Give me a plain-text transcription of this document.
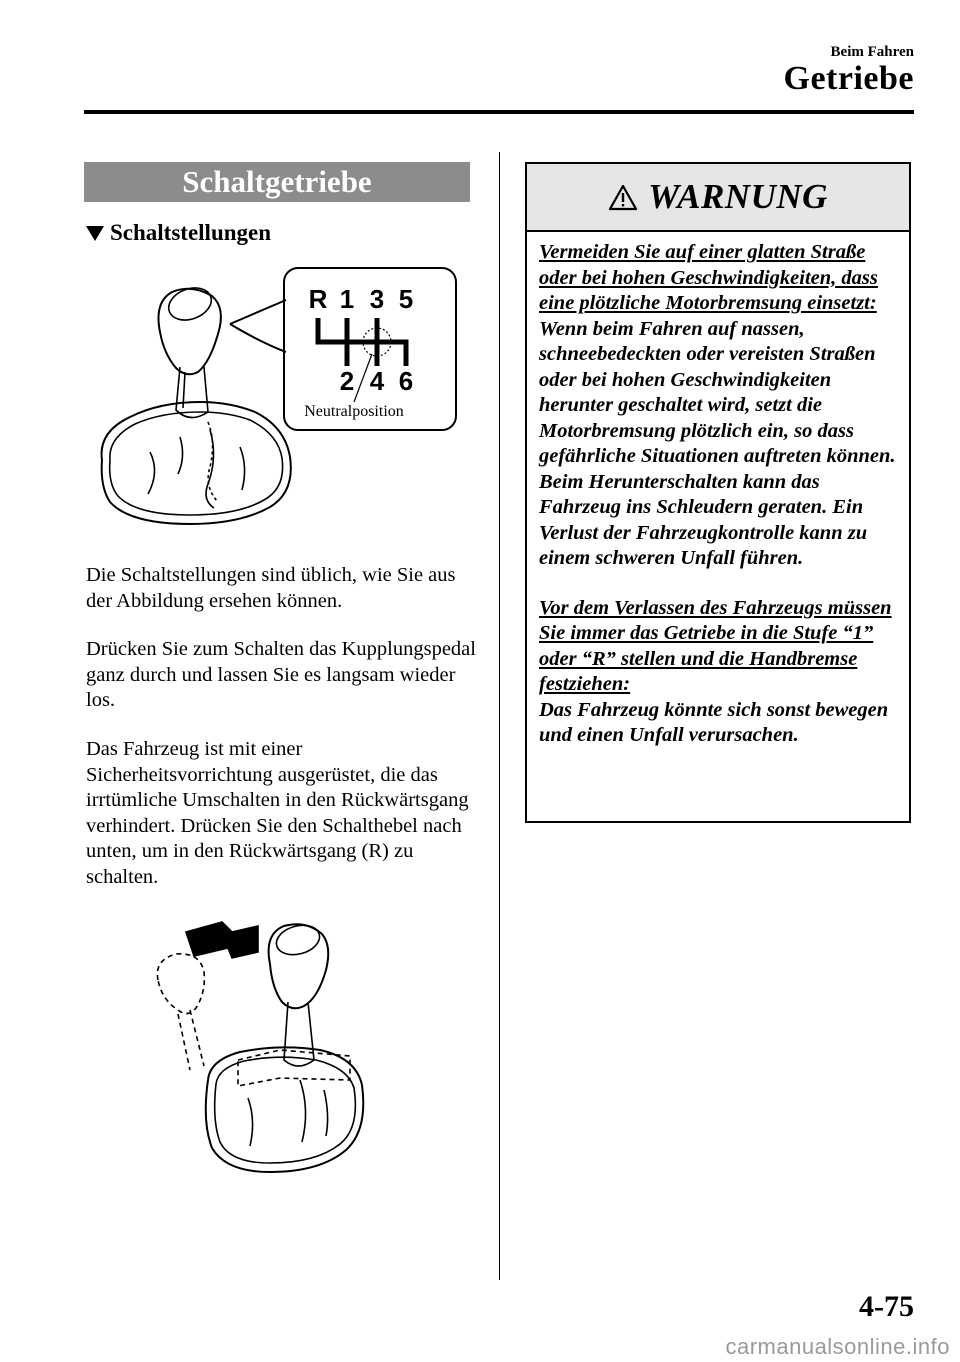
Beim Fahren
Getriebe
Schaltgetriebe
Schaltstellungen
R 1 3 5
2 4 6
Neutralposition
Die Schaltstellungen sind üblich, wie Sie aus der Abbildung ersehen können.
Drücken Sie zum Schalten das Kupplungspedal ganz durch und lassen Sie es langsam wieder los.
Das Fahrzeug ist mit einer Sicherheitsvorrichtung ausgerüstet, die das irrtümliche Umschalten in den Rückwärtsgang verhindert. Drücken Sie den Schalthebel nach unten, um in den Rückwärtsgang (R) zu schalten.
WARNUNG
Vermeiden Sie auf einer glatten Straße oder bei hohen Geschwindigkeiten, dass eine plötzliche Motorbremsung einsetzt:
Wenn beim Fahren auf nassen, schneebedeckten oder vereisten Straßen oder bei hohen Geschwindigkeiten herunter geschaltet wird, setzt die Motorbremsung plötzlich ein, so dass gefährliche Situationen auftreten können. Beim Herunterschalten kann das Fahrzeug ins Schleudern geraten. Ein Verlust der Fahrzeugkontrolle kann zu einem schweren Unfall führen.
Vor dem Verlassen des Fahrzeugs müssen Sie immer das Getriebe in die Stufe “1” oder “R” stellen und die Handbremse festziehen:
Das Fahrzeug könnte sich sonst bewegen und einen Unfall verursachen.
4-75
carmanualsonline.info
